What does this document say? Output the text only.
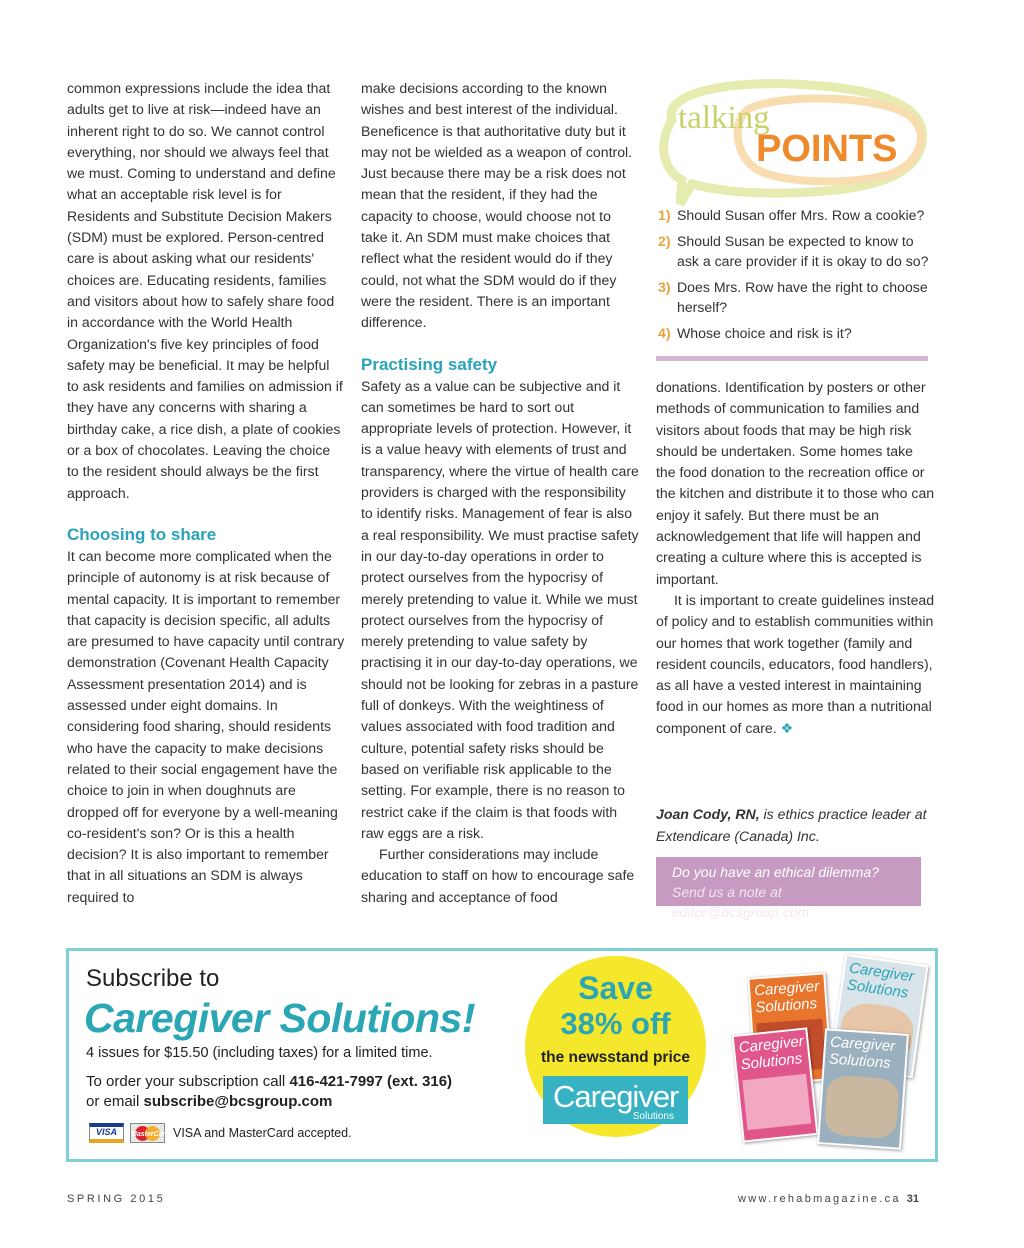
common expressions include the idea that adults get to live at risk—indeed have an inherent right to do so. We cannot control everything, nor should we always feel that we must. Coming to understand and define what an acceptable risk level is for Residents and Substitute Decision Makers (SDM) must be explored. Person-centred care is about asking what our residents' choices are. Educating residents, families and visitors about how to safely share food in accordance with the World Health Organization's five key principles of food safety may be beneficial. It may be helpful to ask residents and families on admission if they have any concerns with sharing a birthday cake, a rice dish, a plate of cookies or a box of chocolates. Leaving the choice to the resident should always be the first approach.

Choosing to share

It can become more complicated when the principle of autonomy is at risk because of mental capacity. It is important to remember that capacity is decision specific, all adults are presumed to have capacity until contrary demonstration (Covenant Health Capacity Assessment presentation 2014) and is assessed under eight domains. In considering food sharing, should residents who have the capacity to make decisions related to their social engagement have the choice to join in when doughnuts are dropped off for everyone by a well-meaning co-resident's son? Or is this a health decision? It is also important to remember that in all situations an SDM is always required to

make decisions according to the known wishes and best interest of the individual. Beneficence is that authoritative duty but it may not be wielded as a weapon of control. Just because there may be a risk does not mean that the resident, if they had the capacity to choose, would choose not to take it. An SDM must make choices that reflect what the resident would do if they could, not what the SDM would do if they were the resident. There is an important difference.

Practising safety

Safety as a value can be subjective and it can sometimes be hard to sort out appropriate levels of protection. However, it is a value heavy with elements of trust and transparency, where the virtue of health care providers is charged with the responsibility to identify risks. Management of fear is also a real responsibility. We must practise safety in our day-to-day operations in order to protect ourselves from the hypocrisy of merely pretending to value it. While we must protect ourselves from the hypocrisy of merely pretending to value safety by practising it in our day-to-day operations, we should not be looking for zebras in a pasture full of donkeys. With the weightiness of values associated with food tradition and culture, potential safety risks should be based on verifiable risk applicable to the setting. For example, there is no reason to restrict cake if the claim is that foods with raw eggs are a risk.

Further considerations may include education to staff on how to encourage safe sharing and acceptance of food

talking
POINTS
1) Should Susan offer Mrs. Row a cookie?
2) Should Susan be expected to know to ask a care provider if it is okay to do so?
3) Does Mrs. Row have the right to choose herself?
4) Whose choice and risk is it?

donations. Identification by posters or other methods of communication to families and visitors about foods that may be high risk should be undertaken. Some homes take the food donation to the recreation office or the kitchen and distribute it to those who can enjoy it safely. But there must be an acknowledgement that life will happen and creating a culture where this is accepted is important.

It is important to create guidelines instead of policy and to establish communities within our homes that work together (family and resident councils, educators, food handlers), as all have a vested interest in maintaining food in our homes as more than a nutritional component of care. ❖

Joan Cody, RN, is ethics practice leader at Extendicare (Canada) Inc.
Do you have an ethical dilemma?
Send us a note at editor@bcsgroup.com
Subscribe to
Caregiver Solutions!
4 issues for $15.50 (including taxes) for a limited time.
To order your subscription call 416-421-7997 (ext. 316)
or email subscribe@bcsgroup.com
VISA MasterCard VISA and MasterCard accepted.
Save
38% off
the newsstand price
Caregiver
Solutions
Caregiver Solutions
Caregiver Solutions
Caregiver Solutions
Caregiver Solutions
SPRING 2015	www.rehabmagazine.ca 31
